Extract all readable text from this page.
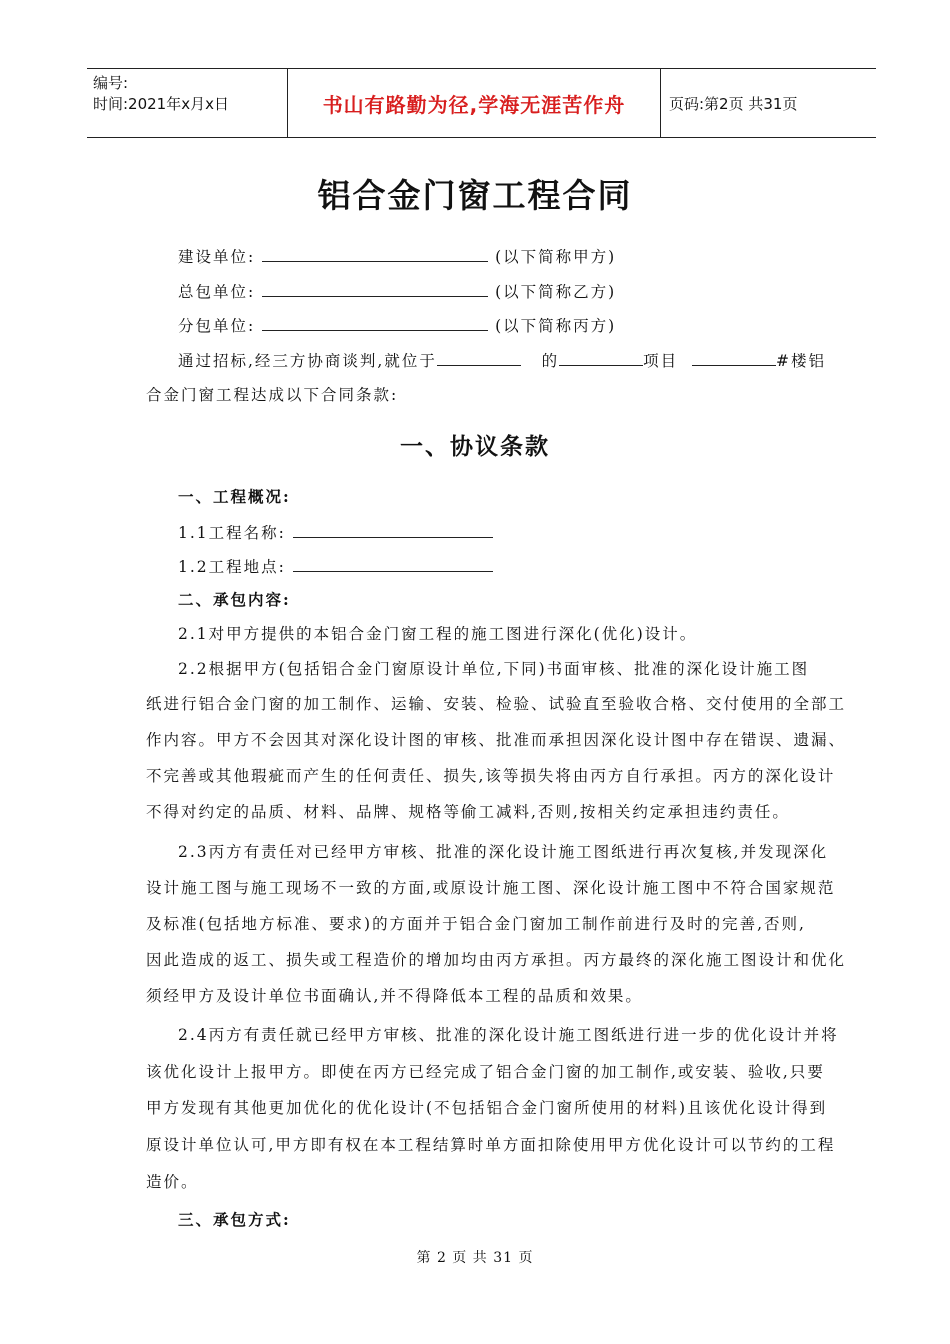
编号:
时间:2021年x月x日	书山有路勤为径,学海无涯苦作舟	页码:第2页 共31页
铝合金门窗工程合同
建设单位:	(以下简称甲方)
总包单位:	(以下简称乙方)
分包单位:	(以下简称丙方)
通过招标,经三方协商谈判,就位于	的	项目	#楼铝
合金门窗工程达成以下合同条款:
一、协议条款
一、工程概况:
1.1工程名称:
1.2工程地点:
二、承包内容:
2.1对甲方提供的本铝合金门窗工程的施工图进行深化(优化)设计。
2.2根据甲方(包括铝合金门窗原设计单位,下同)书面审核、批准的深化设计施工图
纸进行铝合金门窗的加工制作、运输、安装、检验、试验直至验收合格、交付使用的全部工
作内容。甲方不会因其对深化设计图的审核、批准而承担因深化设计图中存在错误、遗漏、
不完善或其他瑕疵而产生的任何责任、损失,该等损失将由丙方自行承担。丙方的深化设计
不得对约定的品质、材料、品牌、规格等偷工减料,否则,按相关约定承担违约责任。
2.3丙方有责任对已经甲方审核、批准的深化设计施工图纸进行再次复核,并发现深化
设计施工图与施工现场不一致的方面,或原设计施工图、深化设计施工图中不符合国家规范
及标准(包括地方标准、要求)的方面并于铝合金门窗加工制作前进行及时的完善,否则,
因此造成的返工、损失或工程造价的增加均由丙方承担。丙方最终的深化施工图设计和优化
须经甲方及设计单位书面确认,并不得降低本工程的品质和效果。
2.4丙方有责任就已经甲方审核、批准的深化设计施工图纸进行进一步的优化设计并将
该优化设计上报甲方。即使在丙方已经完成了铝合金门窗的加工制作,或安装、验收,只要
甲方发现有其他更加优化的优化设计(不包括铝合金门窗所使用的材料)且该优化设计得到
原设计单位认可,甲方即有权在本工程结算时单方面扣除使用甲方优化设计可以节约的工程
造价。
三、承包方式:
第 2 页 共 31 页
